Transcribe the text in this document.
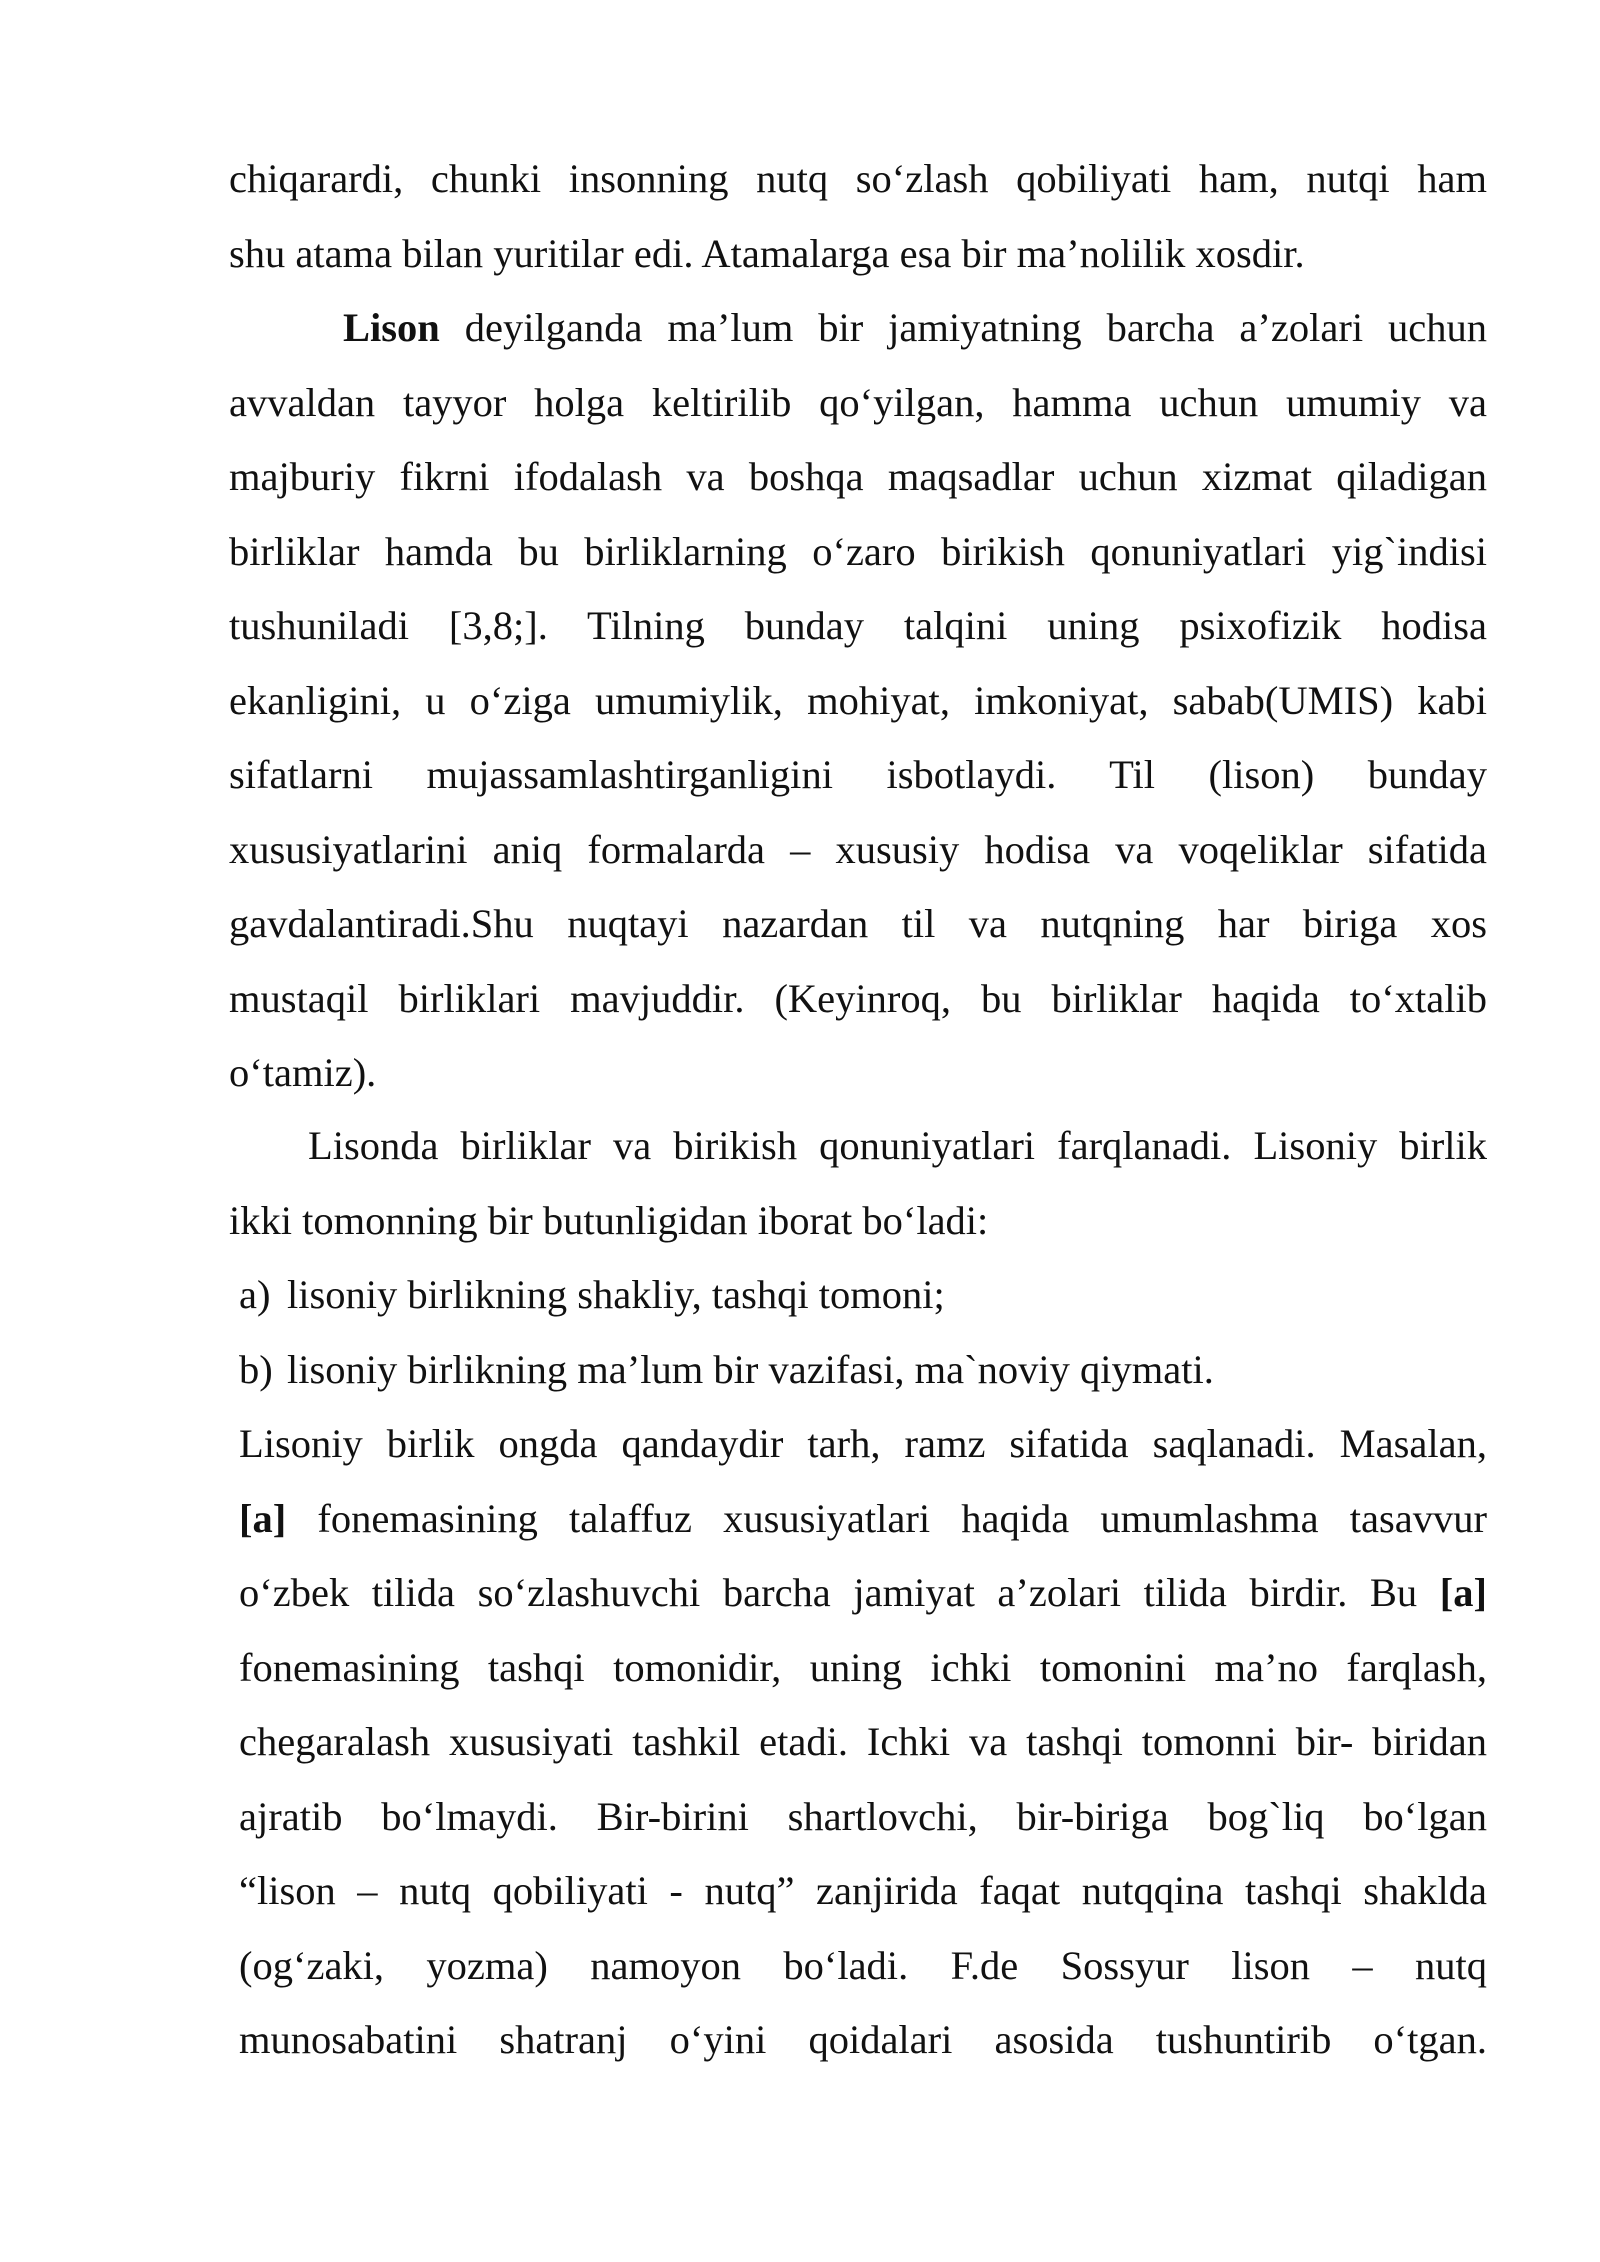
chiqarardi, chunki insonning nutq so‘zlash qobiliyati ham, nutqi ham
shu atama bilan yuritilar edi. Atamalarga esa bir ma’nolilik xosdir.
Lison deyilganda ma’lum bir jamiyatning barcha a’zolari uchun
avvaldan tayyor holga keltirilib qo‘yilgan, hamma uchun umumiy va
majburiy fikrni ifodalash va boshqa maqsadlar uchun xizmat qiladigan
birliklar hamda bu birliklarning o‘zaro birikish qonuniyatlari yig`indisi
tushuniladi [3,8;]. Tilning bunday talqini uning psixofizik hodisa
ekanligini, u o‘ziga umumiylik, mohiyat, imkoniyat, sabab(UMIS) kabi
sifatlarni mujassamlashtirganligini isbotlaydi. Til (lison) bunday
xususiyatlarini aniq formalarda – xususiy hodisa va voqeliklar sifatida
gavdalantiradi.Shu nuqtayi nazardan til va nutqning har biriga xos
mustaqil birliklari mavjuddir. (Keyinroq, bu birliklar haqida to‘xtalib
o‘tamiz).
Lisonda birliklar va birikish qonuniyatlari farqlanadi. Lisoniy birlik
ikki tomonning bir butunligidan iborat bo‘ladi:
a) lisoniy birlikning shakliy, tashqi tomoni;
b) lisoniy birlikning ma’lum bir vazifasi, ma`noviy qiymati.
Lisoniy birlik ongda qandaydir tarh, ramz sifatida saqlanadi. Masalan,
[a] fonemasining talaffuz xususiyatlari haqida umumlashma tasavvur
o‘zbek tilida so‘zlashuvchi barcha jamiyat a’zolari tilida birdir. Bu [a]
fonemasining tashqi tomonidir, uning ichki tomonini ma’no farqlash,
chegaralash xususiyati tashkil etadi. Ichki va tashqi tomonni bir- biridan
ajratib bo‘lmaydi. Bir-birini shartlovchi, bir-biriga bog`liq bo‘lgan
“lison – nutq qobiliyati - nutq” zanjirida faqat nutqqina tashqi shaklda
(og‘zaki, yozma) namoyon bo‘ladi. F.de Sossyur lison – nutq
munosabatini shatranj o‘yini qoidalari asosida tushuntirib o‘tgan.
